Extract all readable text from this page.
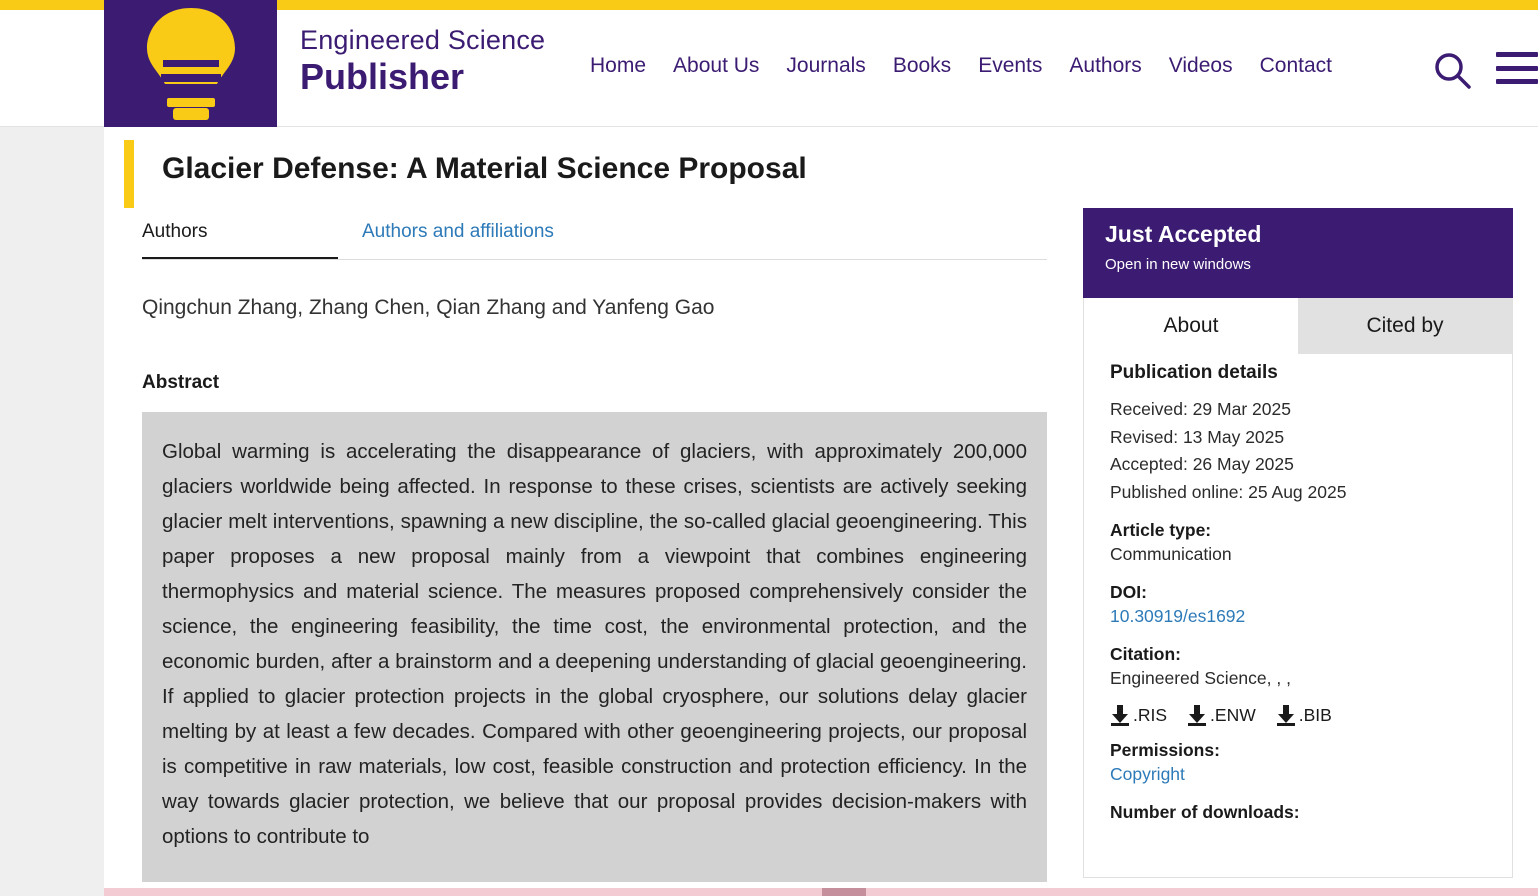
Engineered Science
Publisher	Home About Us Journals Books Events Authors Videos Contact
Glacier Defense: A Material Science Proposal
Authors	Authors and affiliations
Qingchun Zhang, Zhang Chen, Qian Zhang and Yanfeng Gao
Abstract

Global warming is accelerating the disappearance of glaciers, with approximately 200,000 glaciers worldwide being affected. In response to these crises, scientists are actively seeking glacier melt interventions, spawning a new discipline, the so-called glacial geoengineering. This paper proposes a new proposal mainly from a viewpoint that combines engineering thermophysics and material science. The measures proposed comprehensively consider the science, the engineering feasibility, the time cost, the environmental protection, and the economic burden, after a brainstorm and a deepening understanding of glacial geoengineering. If applied to glacier protection projects in the global cryosphere, our solutions delay glacier melting by at least a few decades. Compared with other geoengineering projects, our proposal is competitive in raw materials, low cost, feasible construction and protection efficiency. In the way towards glacier protection, we believe that our proposal provides decision-makers with options to contribute to

Just Accepted
Open in new windows
About	Cited by
Publication details
Received: 29 Mar 2025
Revised: 13 May 2025
Accepted: 26 May 2025
Published online: 25 Aug 2025
Article type:
Communication
DOI:
10.30919/es1692
Citation:
Engineered Science, , ,
.RIS .ENW .BIB
Permissions:
Copyright
Number of downloads:
